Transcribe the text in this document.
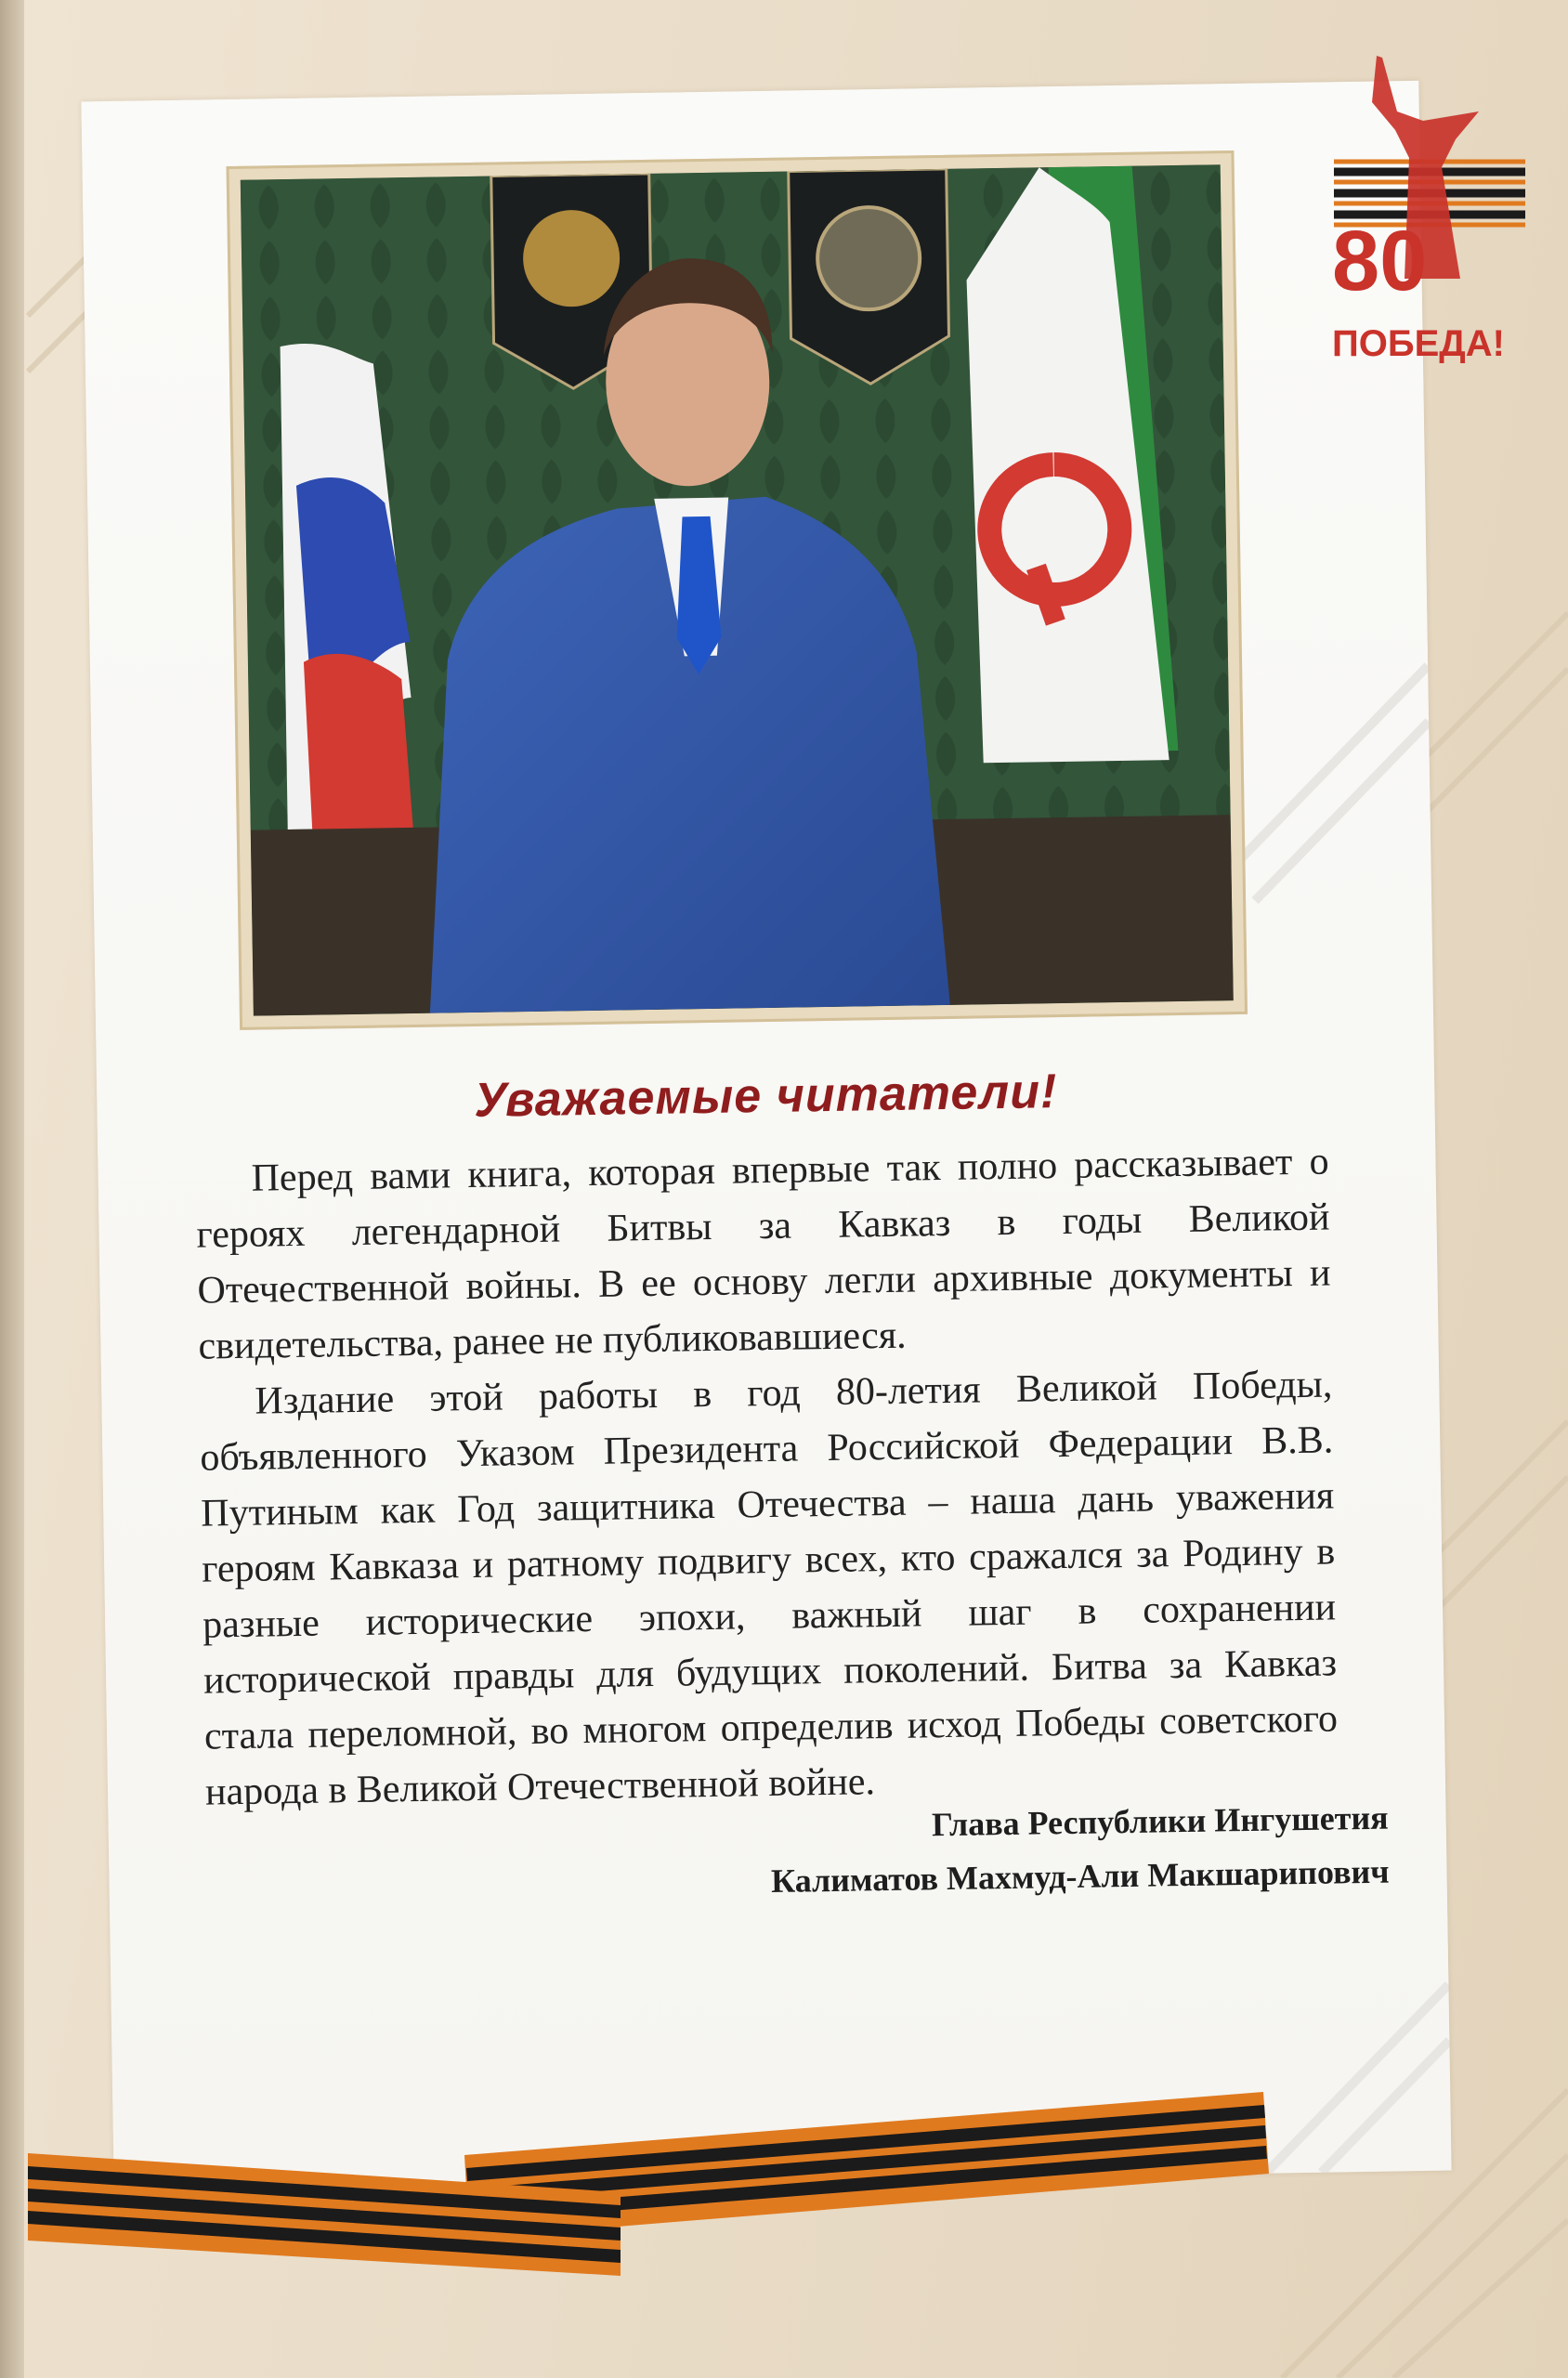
Уважаемые читатели!

Перед вами книга, которая впервые так полно рассказывает о героях легендарной Битвы за Кавказ в годы Великой Отечественной войны. В ее основу легли архивные документы и свидетельства, ранее не публиковавшиеся.

Издание этой работы в год 80-летия Великой Победы, объявленного Указом Президента Российской Федерации В.В. Путиным как Год защитника Отечества – наша дань уважения героям Кавказа и ратному подвигу всех, кто сражался за Родину в разные исторические эпохи, важный шаг в сохранении исторической правды для будущих поколений. Битва за Кавказ стала переломной, во многом определив исход Победы советского народа в Великой Отечественной войне.

Глава Республики Ингушетия
Калиматов Махмуд-Али Макшарипович
80
ПОБЕДА!
